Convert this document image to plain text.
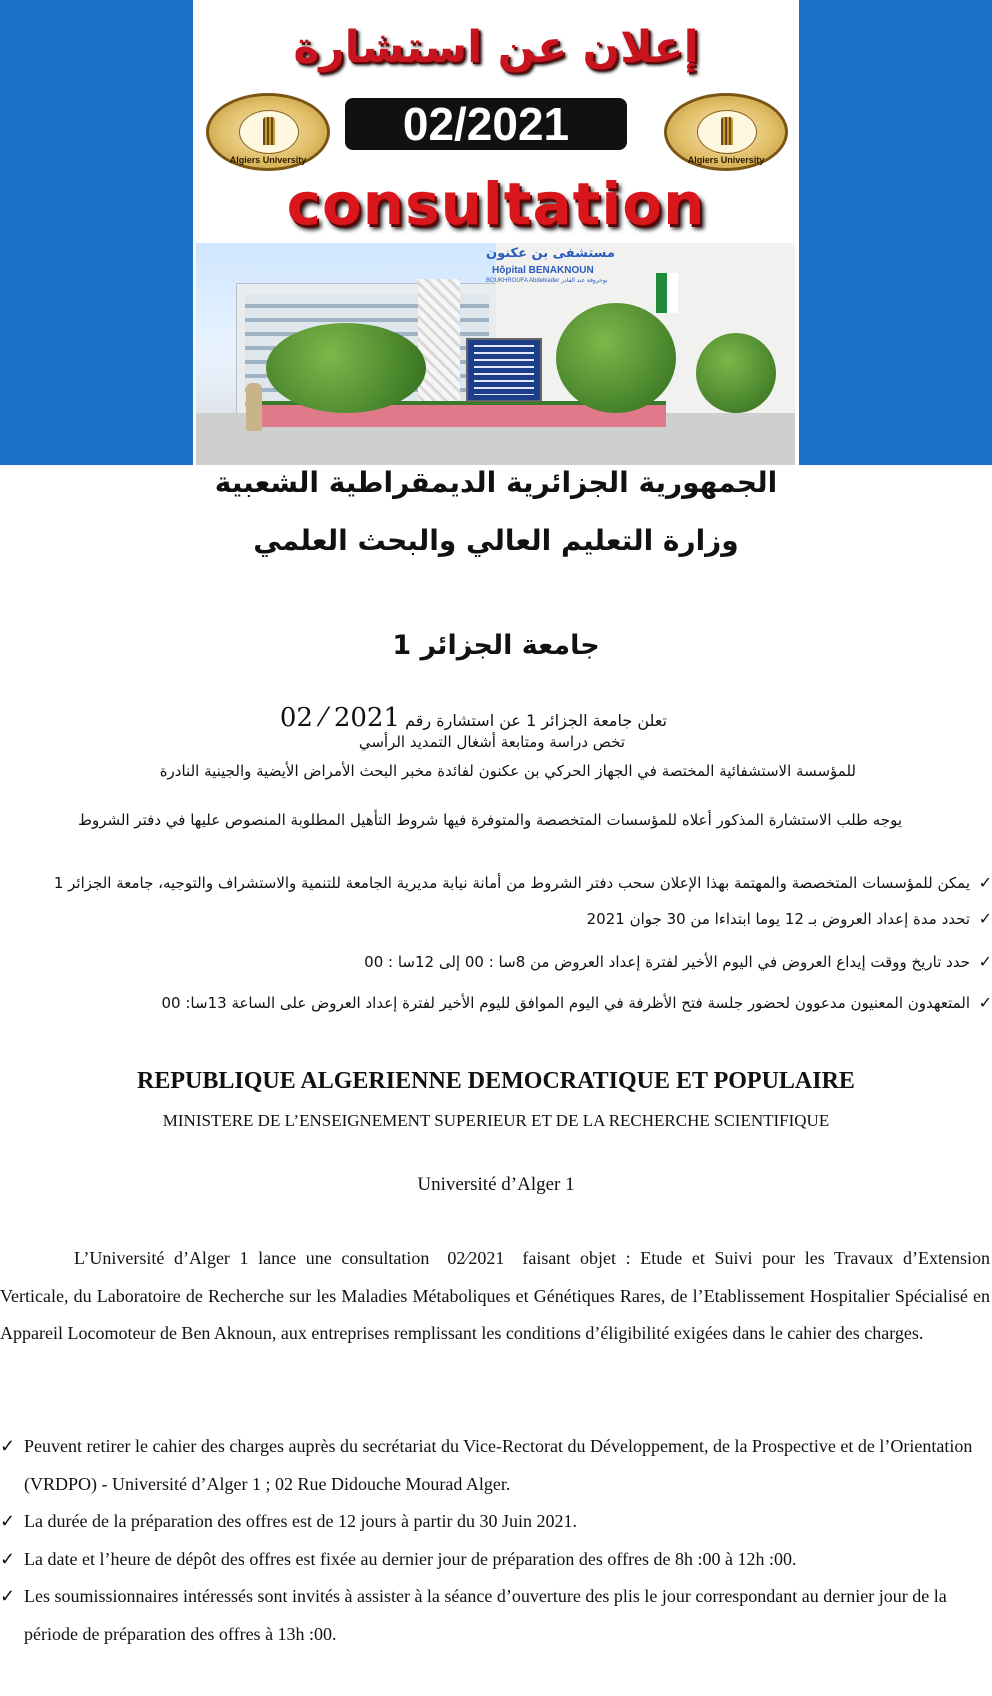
إعلان عن استشارة
Algiers University
02/2021
Algiers University
consultation
مستشفى بن عكنون
Hôpital BENAKNOUN
BOUKHROUFA Abdelkader بوخروفة عبد القادر
الجمهورية الجزائرية الديمقراطية الشعبية
وزارة التعليم العالي والبحث العلمي
جامعة الجزائر 1
تعلن جامعة الجزائر 1 عن استشارة رقم 2021 ⁄ 02
تخص دراسة ومتابعة أشغال التمديد الرأسي
للمؤسسة الاستشفائية المختصة في الجهاز الحركي بن عكنون لفائدة مخبر البحث الأمراض الأيضية والجينية النادرة
يوجه طلب الاستشارة المذكور أعلاه للمؤسسات المتخصصة والمتوفرة فيها شروط التأهيل المطلوبة المنصوص عليها في دفتر الشروط
✓يمكن للمؤسسات المتخصصة والمهتمة بهذا الإعلان سحب دفتر الشروط من أمانة نيابة مديرية الجامعة للتنمية والاستشراف والتوجيه، جامعة الجزائر 1
✓تحدد مدة إعداد العروض بـ 12 يوما ابتداءا من 30 جوان 2021
✓حدد تاريخ ووقت إيداع العروض في اليوم الأخير لفترة إعداد العروض من 8سا : 00 إلى 12سا : 00
✓المتعهدون المعنيون مدعوون لحضور جلسة فتح الأظرفة في اليوم الموافق لليوم الأخير لفترة إعداد العروض على الساعة 13سا: 00
REPUBLIQUE ALGERIENNE DEMOCRATIQUE ET POPULAIRE
MINISTERE DE L’ENSEIGNEMENT SUPERIEUR ET DE LA RECHERCHE SCIENTIFIQUE
Université d’Alger 1
L’Université d’Alger 1 lance une consultation 02⁄2021 faisant objet : Etude et Suivi pour les Travaux d’Extension Verticale, du Laboratoire de Recherche sur les Maladies Métaboliques et Génétiques Rares, de l’Etablissement Hospitalier Spécialisé en Appareil Locomoteur de Ben Aknoun, aux entreprises remplissant les conditions d’éligibilité exigées dans le cahier des charges.
✓ Peuvent retirer le cahier des charges auprès du secrétariat du Vice-Rectorat du Développement, de la Prospective et de l’Orientation (VRDPO) - Université d’Alger 1 ; 02 Rue Didouche Mourad Alger.
✓ La durée de la préparation des offres est de 12 jours à partir du 30 Juin 2021.
✓ La date et l’heure de dépôt des offres est fixée au dernier jour de préparation des offres de 8h :00 à 12h :00.
✓ Les soumissionnaires intéressés sont invités à assister à la séance d’ouverture des plis le jour correspondant au dernier jour de la période de préparation des offres à 13h :00.
